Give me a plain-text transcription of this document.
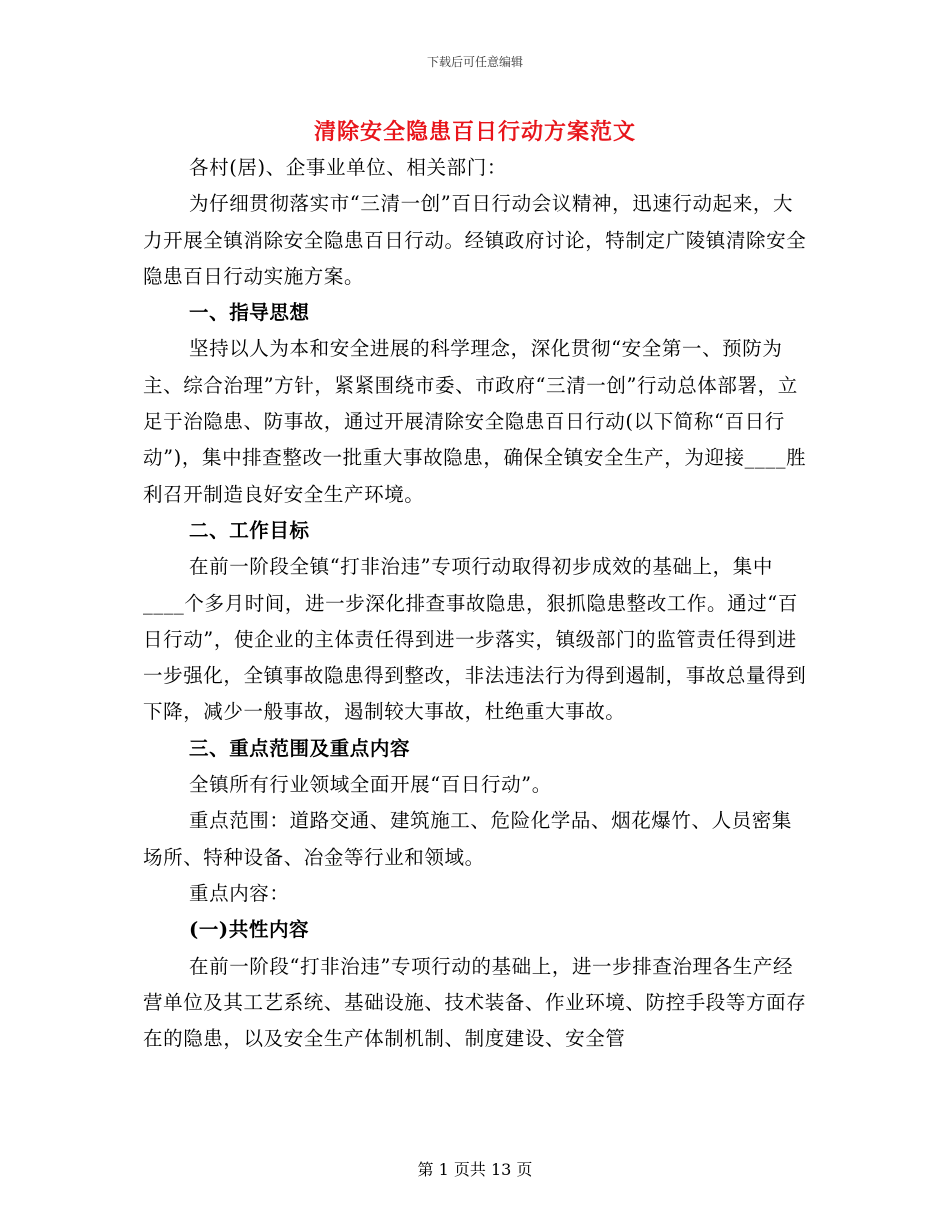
下载后可任意编辑
清除安全隐患百日行动方案范文

各村(居)、企事业单位、相关部门：

为仔细贯彻落实市“三清一创”百日行动会议精神，迅速行动起来，大力开展全镇消除安全隐患百日行动。经镇政府讨论，特制定广陵镇清除安全隐患百日行动实施方案。

一、指导思想

坚持以人为本和安全进展的科学理念，深化贯彻“安全第一、预防为主、综合治理”方针，紧紧围绕市委、市政府“三清一创”行动总体部署，立足于治隐患、防事故，通过开展清除安全隐患百日行动(以下简称“百日行动”)，集中排查整改一批重大事故隐患，确保全镇安全生产，为迎接____胜利召开制造良好安全生产环境。

二、工作目标

在前一阶段全镇“打非治违”专项行动取得初步成效的基础上，集中____个多月时间，进一步深化排查事故隐患，狠抓隐患整改工作。通过“百日行动”，使企业的主体责任得到进一步落实，镇级部门的监管责任得到进一步强化，全镇事故隐患得到整改，非法违法行为得到遏制，事故总量得到下降，减少一般事故，遏制较大事故，杜绝重大事故。

三、重点范围及重点内容

全镇所有行业领域全面开展“百日行动”。

重点范围：道路交通、建筑施工、危险化学品、烟花爆竹、人员密集场所、特种设备、冶金等行业和领域。

重点内容：

(一)共性内容

在前一阶段“打非治违”专项行动的基础上，进一步排查治理各生产经营单位及其工艺系统、基础设施、技术装备、作业环境、防控手段等方面存在的隐患，以及安全生产体制机制、制度建设、安全管

第 1 页共 13 页
